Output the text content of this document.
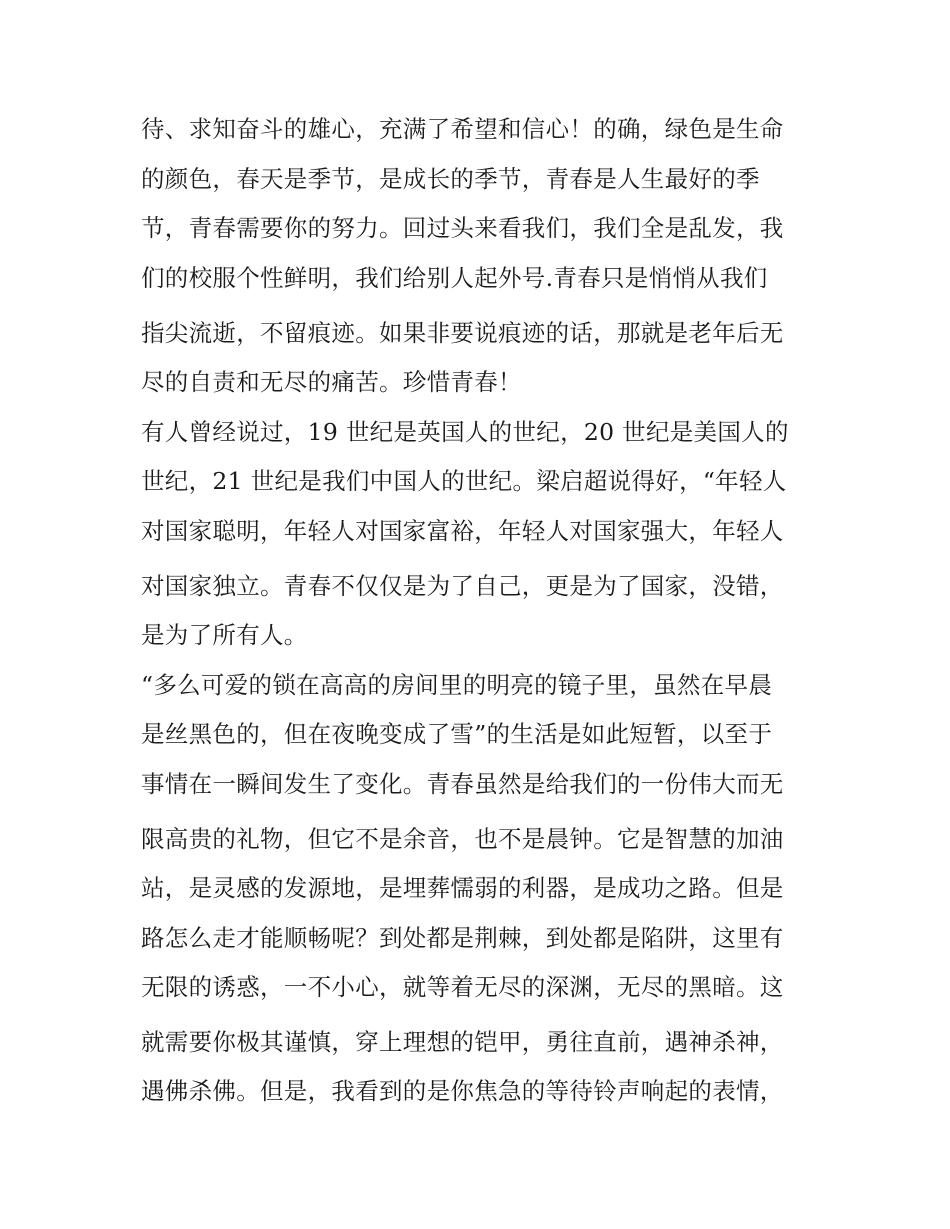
待、求知奋斗的雄心，充满了希望和信心！的确，绿色是生命
的颜色，春天是季节，是成长的季节，青春是人生最好的季
节，青春需要你的努力。回过头来看我们，我们全是乱发，我
们的校服个性鲜明，我们给别人起外号.青春只是悄悄从我们
指尖流逝，不留痕迹。如果非要说痕迹的话，那就是老年后无
尽的自责和无尽的痛苦。珍惜青春！
有人曾经说过，19 世纪是英国人的世纪，20 世纪是美国人的
世纪，21 世纪是我们中国人的世纪。梁启超说得好，“年轻人
对国家聪明，年轻人对国家富裕，年轻人对国家强大，年轻人
对国家独立。青春不仅仅是为了自己，更是为了国家，没错，
是为了所有人。
“多么可爱的锁在高高的房间里的明亮的镜子里，虽然在早晨
是丝黑色的，但在夜晚变成了雪”的生活是如此短暂，以至于
事情在一瞬间发生了变化。青春虽然是给我们的一份伟大而无
限高贵的礼物，但它不是余音，也不是晨钟。它是智慧的加油
站，是灵感的发源地，是埋葬懦弱的利器，是成功之路。但是
路怎么走才能顺畅呢？到处都是荆棘，到处都是陷阱，这里有
无限的诱惑，一不小心，就等着无尽的深渊，无尽的黑暗。这
就需要你极其谨慎，穿上理想的铠甲，勇往直前，遇神杀神，
遇佛杀佛。但是，我看到的是你焦急的等待铃声响起的表情，
